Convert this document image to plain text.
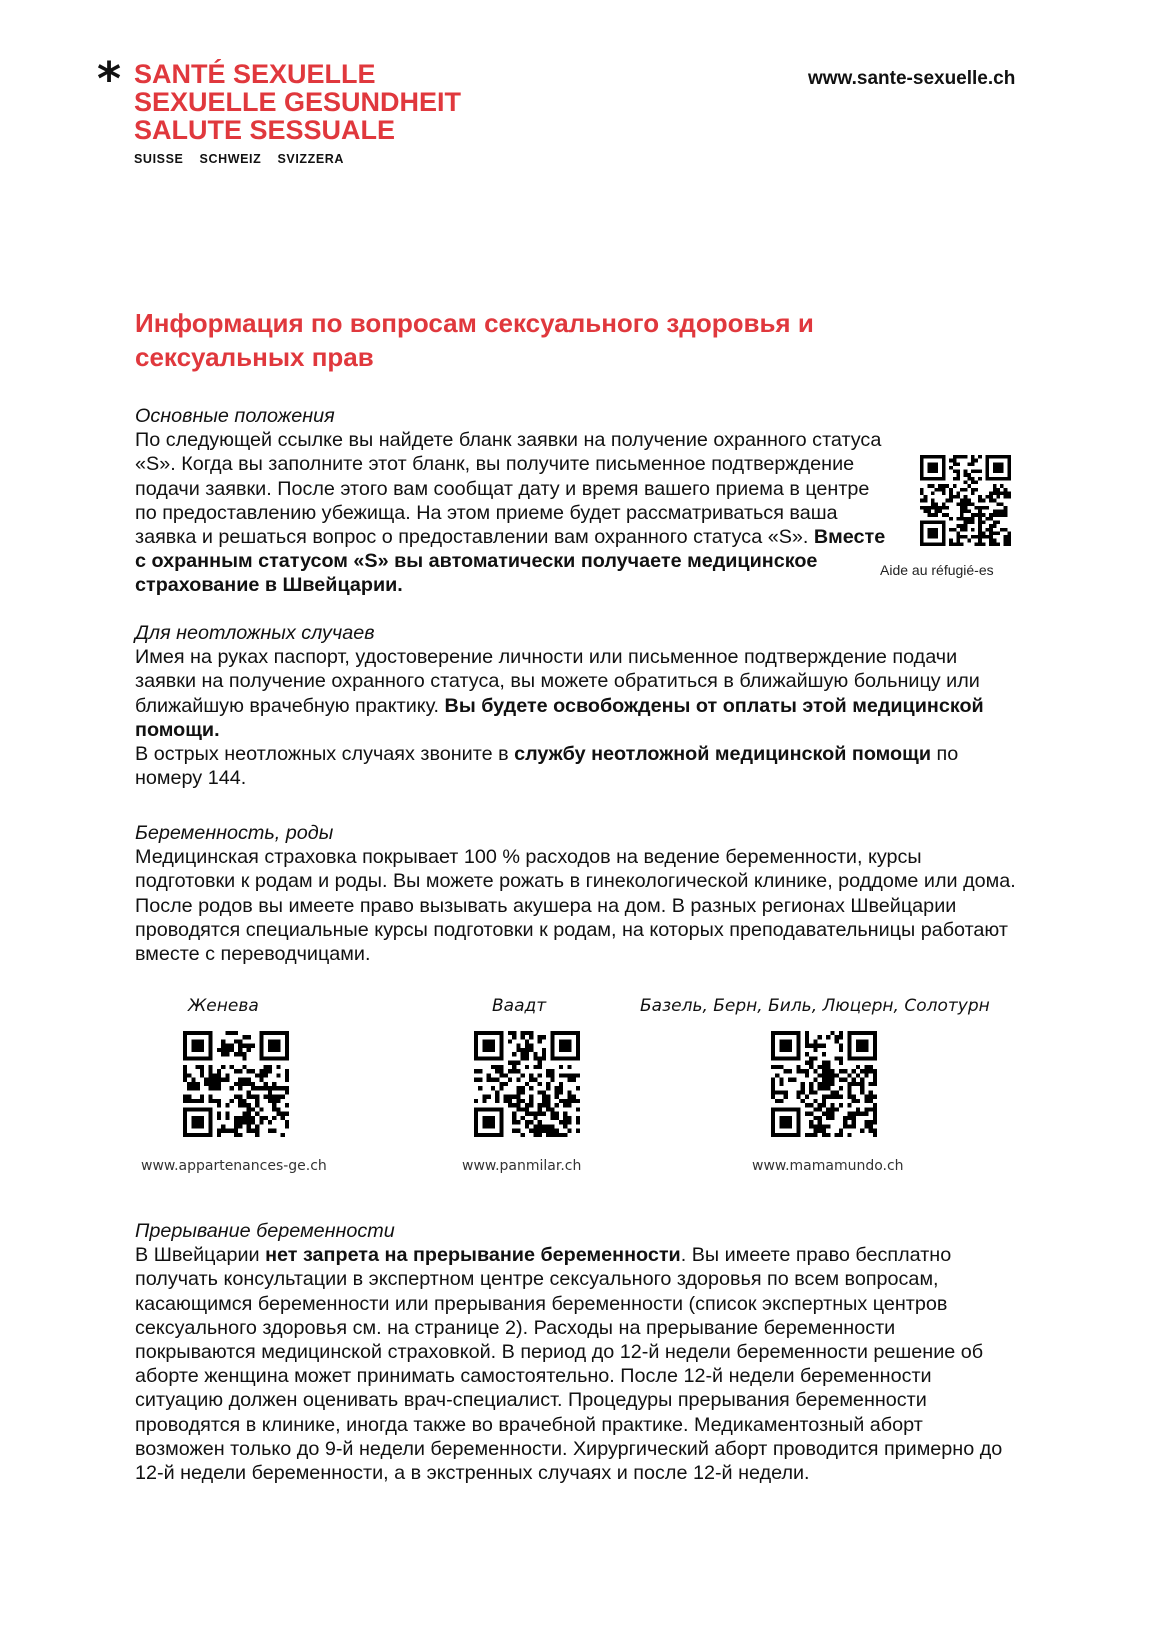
* SANTÉ SEXUELLE
SEXUELLE GESUNDHEIT
SALUTE SESSUALE
SUISSE SCHWEIZ SVIZZERA
www.sante-sexuelle.ch
Информация по вопросам сексуального здоровья и сексуальных прав
Основные положения

По следующей ссылке вы найдете бланк заявки на получение охранного статуса «S». Когда вы заполните этот бланк, вы получите письменное подтверждение подачи заявки. После этого вам сообщат дату и время вашего приема в центре по предоставлению убежища. На этом приеме будет рассматриваться ваша заявка и решаться вопрос о предоставлении вам охранного статуса «S». Вместе с охранным статусом «S» вы автоматически получаете медицинское страхование в Швейцарии.

Aide au réfugié-es
Для неотложных случаев

Имея на руках паспорт, удостоверение личности или письменное подтверждение подачи заявки на получение охранного статуса, вы можете обратиться в ближайшую больницу или ближайшую врачебную практику. Вы будете освобождены от оплаты этой медицинской помощи.

В острых неотложных случаях звоните в службу неотложной медицинской помощи по номеру 144.

Беременность, роды

Медицинская страховка покрывает 100 % расходов на ведение беременности, курсы подготовки к родам и роды. Вы можете рожать в гинекологической клинике, роддоме или дома. После родов вы имеете право вызывать акушера на дом. В разных регионах Швейцарии проводятся специальные курсы подготовки к родам, на которых преподавательницы работают вместе с переводчицами.

Женева
www.appartenances-ge.ch
Ваадт
www.panmilar.ch
Базель, Берн, Биль, Люцерн, Солотурн
www.mamamundo.ch
Прерывание беременности

В Швейцарии нет запрета на прерывание беременности. Вы имеете право бесплатно получать консультации в экспертном центре сексуального здоровья по всем вопросам, касающимся беременности или прерывания беременности (список экспертных центров сексуального здоровья см. на странице 2). Расходы на прерывание беременности покрываются медицинской страховкой. В период до 12-й недели беременности решение об аборте женщина может принимать самостоятельно. После 12-й недели беременности ситуацию должен оценивать врач-специалист. Процедуры прерывания беременности проводятся в клинике, иногда также во врачебной практике. Медикаментозный аборт возможен только до 9-й недели беременности. Хирургический аборт проводится примерно до 12-й недели беременности, а в экстренных случаях и после 12-й недели.
